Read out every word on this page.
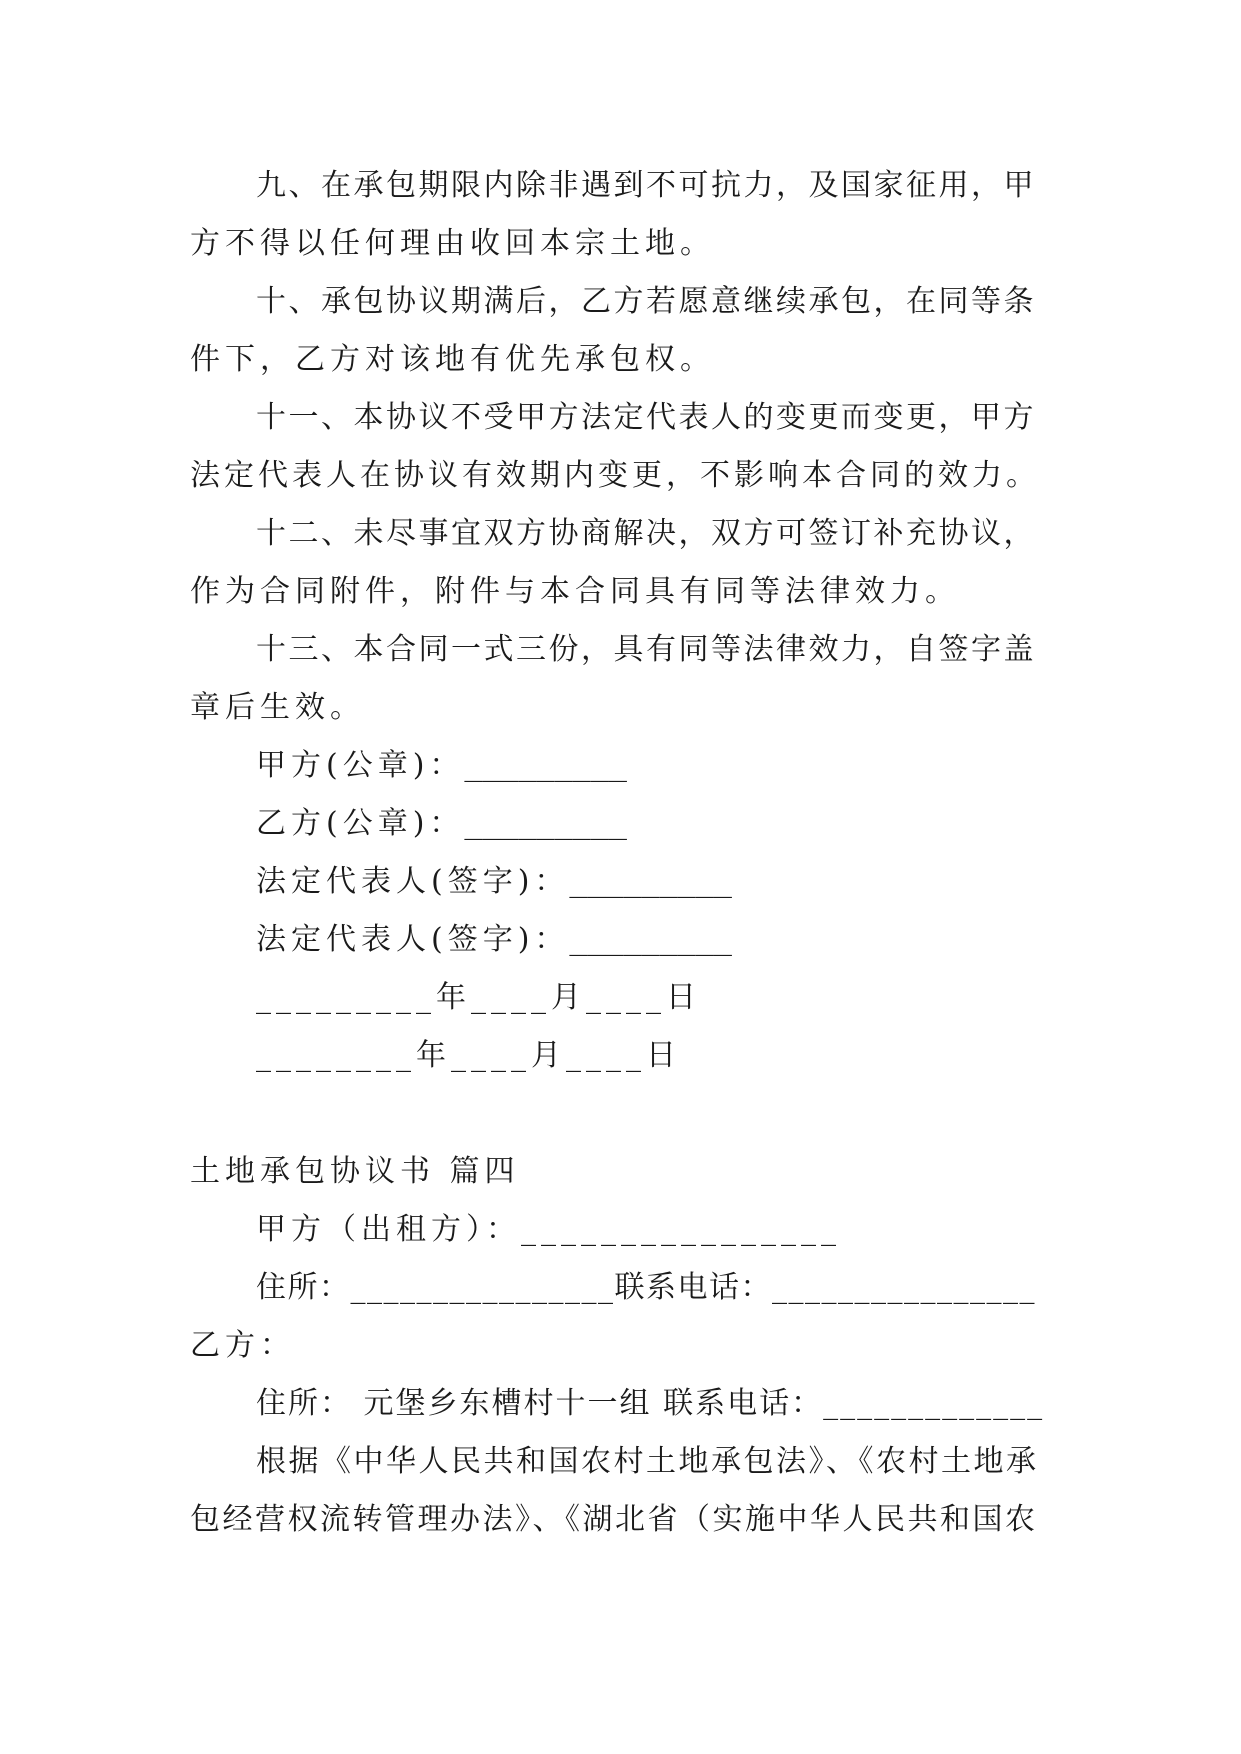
九、在承包期限内除非遇到不可抗力，及国家征用，甲
方不得以任何理由收回本宗土地。
十、承包协议期满后，乙方若愿意继续承包，在同等条
件下，乙方对该地有优先承包权。
十一、本协议不受甲方法定代表人的变更而变更，甲方
法定代表人在协议有效期内变更，不影响本合同的效力。
十二、未尽事宜双方协商解决，双方可签订补充协议，
作为合同附件，附件与本合同具有同等法律效力。
十三、本合同一式三份，具有同等法律效力，自签字盖
章后生效。
甲方(公章)：_________
乙方(公章)：_________
法定代表人(签字)：_________
法定代表人(签字)：_________
_________年____月____日
________年____月____日
土地承包协议书 篇四
甲方（出租方）：________________
住所：________________联系电话：________________
乙方：
住所： 元堡乡东槽村十一组 联系电话：_____________
根据《中华人民共和国农村土地承包法》、《农村土地承
包经营权流转管理办法》、《湖北省（实施中华人民共和国农
